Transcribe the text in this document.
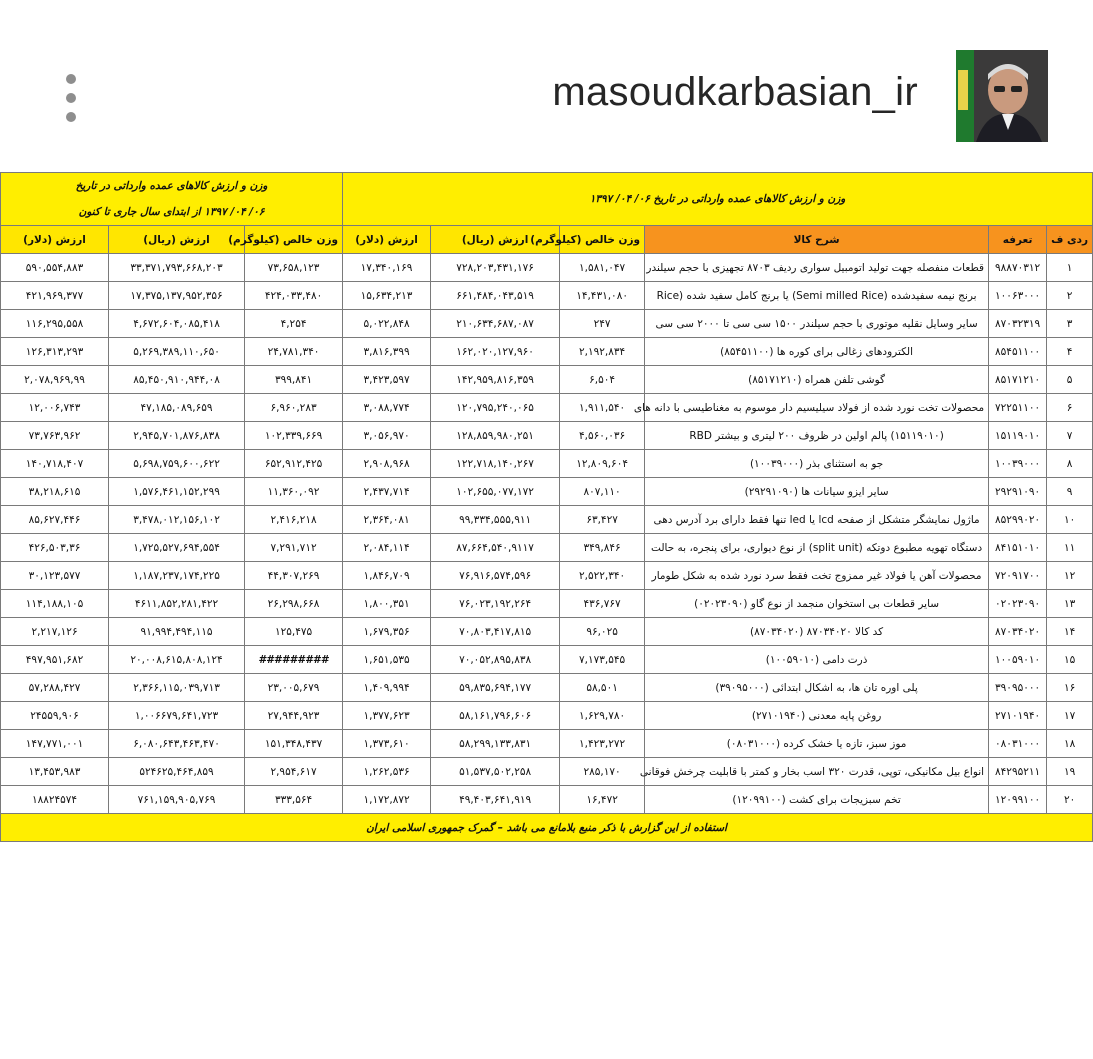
masoudkarbasian_ir
وزن و ارزش کالاهای عمده وارداتی در تاریخ ۰۶/ ۰۴/ ۱۳۹۷						وزن و ارزش کالاهای عمده وارداتی در تاریخ
۰۶/ ۰۴/ ۱۳۹۷ از ابتدای سال جاری تا کنون		

ردی ف	تعرفه	شرح کالا	وزن خالص (کیلوگرم)	ارزش (ریال)	ارزش (دلار)	وزن خالص (کیلوگرم)	ارزش (ریال)	ارزش (دلار)
۱	۹۸۸۷۰۳۱۲	قطعات منفصله جهت تولید اتومبیل سواری ردیف ۸۷۰۳ تجهیزی با حجم سیلندر	۱,۵۸۱,۰۴۷	۷۲۸,۲۰۳,۴۳۱,۱۷۶	۱۷,۳۴۰,۱۶۹	۷۳,۶۵۸,۱۲۳	۳۳,۳۷۱,۷۹۳,۶۶۸,۲۰۳	۵۹۰,۵۵۴,۸۸۳
۲	۱۰۰۶۳۰۰۰	برنج نیمه سفیدشده (Semi milled Rice) یا برنج کامل سفید شده (Rice	۱۴,۴۳۱,۰۸۰	۶۶۱,۴۸۴,۰۴۳,۵۱۹	۱۵,۶۳۴,۲۱۳	۴۲۴,۰۳۳,۴۸۰	۱۷,۳۷۵,۱۳۷,۹۵۲,۳۵۶	۴۲۱,۹۶۹,۳۷۷
۳	۸۷۰۳۲۳۱۹	سایر وسایل نقلیه موتوری با حجم سیلندر ۱۵۰۰ سی سی تا ۲۰۰۰ سی سی	۲۴۷	۲۱۰,۶۳۴,۶۸۷,۰۸۷	۵,۰۲۲,۸۴۸	۴,۲۵۴	۴,۶۷۲,۶۰۴,۰۸۵,۴۱۸	۱۱۶,۲۹۵,۵۵۸
۴	۸۵۴۵۱۱۰۰	الکترودهای زغالی برای کوره ها (۸۵۴۵۱۱۰۰)	۲,۱۹۲,۸۳۴	۱۶۲,۰۲۰,۱۲۷,۹۶۰	۳,۸۱۶,۳۹۹	۲۴,۷۸۱,۳۴۰	۵,۲۶۹,۳۸۹,۱۱۰,۶۵۰	۱۲۶,۳۱۳,۲۹۳
۵	۸۵۱۷۱۲۱۰	گوشی تلفن همراه (۸۵۱۷۱۲۱۰)	۶,۵۰۴	۱۴۲,۹۵۹,۸۱۶,۳۵۹	۳,۴۲۳,۵۹۷	۳۹۹,۸۴۱	۸۵,۴۵۰,۹۱۰,۹۴۴,۰۸	۲,۰۷۸,۹۶۹,۹۹
۶	۷۲۲۵۱۱۰۰	محصولات تخت نورد شده از فولاد سیلیسیم دار موسوم به مغناطیسی با دانه های	۱,۹۱۱,۵۴۰	۱۲۰,۷۹۵,۲۴۰,۰۶۵	۳,۰۸۸,۷۷۴	۶,۹۶۰,۲۸۳	۴۷,۱۸۵,۰۸۹,۶۵۹	۱۲,۰۰۶,۷۴۳
۷	۱۵۱۱۹۰۱۰	(۱۵۱۱۹۰۱۰) پالم اولین در ظروف ۲۰۰ لیتری و بیشتر RBD	۴,۵۶۰,۰۳۶	۱۲۸,۸۵۹,۹۸۰,۲۵۱	۳,۰۵۶,۹۷۰	۱۰۲,۳۳۹,۶۶۹	۲,۹۴۵,۷۰۱,۸۷۶,۸۳۸	۷۳,۷۶۳,۹۶۲
۸	۱۰۰۳۹۰۰۰	جو به استثنای بذر (۱۰۰۳۹۰۰۰)	۱۲,۸۰۹,۶۰۴	۱۲۲,۷۱۸,۱۴۰,۲۶۷	۲,۹۰۸,۹۶۸	۶۵۲,۹۱۲,۴۲۵	۵,۶۹۸,۷۵۹,۶۰۰,۶۲۲	۱۴۰,۷۱۸,۴۰۷
۹	۲۹۲۹۱۰۹۰	سایر ایزو سیانات ها (۲۹۲۹۱۰۹۰)	۸۰۷,۱۱۰	۱۰۲,۶۵۵,۰۷۷,۱۷۲	۲,۴۳۷,۷۱۴	۱۱,۳۶۰,۰۹۲	۱,۵۷۶,۴۶۱,۱۵۲,۲۹۹	۳۸,۲۱۸,۶۱۵
۱۰	۸۵۲۹۹۰۲۰	ماژول نمایشگر متشکل از صفحه lcd یا led تنها فقط دارای برد آدرس دهی	۶۳,۴۲۷	۹۹,۳۳۴,۵۵۵,۹۱۱	۲,۳۶۴,۰۸۱	۲,۴۱۶,۲۱۸	۳,۴۷۸,۰۱۲,۱۵۶,۱۰۲	۸۵,۶۲۷,۴۴۶
۱۱	۸۴۱۵۱۰۱۰	دستگاه تهویه مطبوع دوتکه (split unit) از نوع دیواری، برای پنجره، به حالت	۳۴۹,۸۴۶	۸۷,۶۶۴,۵۴۰,۹۱۱۷	۲,۰۸۴,۱۱۴	۷,۲۹۱,۷۱۲	۱,۷۲۵,۵۲۷,۶۹۴,۵۵۴	۴۲۶,۵۰۳,۳۶
۱۲	۷۲۰۹۱۷۰۰	محصولات آهن یا فولاد غیر ممزوج تخت فقط سرد نورد شده به شکل طومار	۲,۵۲۲,۳۴۰	۷۶,۹۱۶,۵۷۴,۵۹۶	۱,۸۴۶,۷۰۹	۴۴,۳۰۷,۲۶۹	۱,۱۸۷,۲۳۷,۱۷۴,۲۲۵	۳۰,۱۲۳,۵۷۷
۱۳	۰۲۰۲۳۰۹۰	سایر قطعات بی استخوان منجمد از نوع گاو (۰۲۰۲۳۰۹۰)	۴۳۶,۷۶۷	۷۶,۰۲۳,۱۹۲,۲۶۴	۱,۸۰۰,۳۵۱	۲۶,۲۹۸,۶۶۸	۴۶۱۱,۸۵۲,۲۸۱,۴۲۲	۱۱۴,۱۸۸,۱۰۵
۱۴	۸۷۰۳۴۰۲۰	کد کالا ۸۷۰۳۴۰۲۰ (۸۷۰۳۴۰۲۰)	۹۶,۰۲۵	۷۰,۸۰۳,۴۱۷,۸۱۵	۱,۶۷۹,۳۵۶	۱۲۵,۴۷۵	۹۱,۹۹۴,۴۹۴,۱۱۵	۲,۲۱۷,۱۲۶
۱۵	۱۰۰۵۹۰۱۰	ذرت دامی (۱۰۰۵۹۰۱۰)	۷,۱۷۳,۵۴۵	۷۰,۰۵۲,۸۹۵,۸۳۸	۱,۶۵۱,۵۳۵	#########	۲۰,۰۰۸,۶۱۵,۸۰۸,۱۲۴	۴۹۷,۹۵۱,۶۸۲
۱۶	۳۹۰۹۵۰۰۰	پلی اوره تان ها، به اشکال ابتدائی (۳۹۰۹۵۰۰۰)	۵۸,۵۰۱	۵۹,۸۳۵,۶۹۴,۱۷۷	۱,۴۰۹,۹۹۴	۲۳,۰۰۵,۶۷۹	۲,۳۶۶,۱۱۵,۰۳۹,۷۱۳	۵۷,۲۸۸,۴۲۷
۱۷	۲۷۱۰۱۹۴۰	روغن پایه معدنی (۲۷۱۰۱۹۴۰)	۱,۶۲۹,۷۸۰	۵۸,۱۶۱,۷۹۶,۶۰۶	۱,۳۷۷,۶۲۳	۲۷,۹۴۴,۹۲۳	۱,۰۰۶۶۷۹,۶۴۱,۷۲۳	۲۴۵۵۹,۹۰۶
۱۸	۰۸۰۳۱۰۰۰	موز سبز، تازه یا خشک کرده (۰۸۰۳۱۰۰۰)	۱,۴۲۳,۲۷۲	۵۸,۲۹۹,۱۳۳,۸۳۱	۱,۳۷۳,۶۱۰	۱۵۱,۳۴۸,۴۳۷	۶,۰۸۰,۶۴۳,۴۶۳,۴۷۰	۱۴۷,۷۷۱,۰۰۱
۱۹	۸۴۲۹۵۲۱۱	انواع بیل مکانیکی، توپی، قدرت ۳۲۰ اسب بخار و کمتر با قابلیت چرخش فوقانی	۲۸۵,۱۷۰	۵۱,۵۳۷,۵۰۲,۲۵۸	۱,۲۶۲,۵۳۶	۲,۹۵۴,۶۱۷	۵۲۴۶۲۵,۴۶۴,۸۵۹	۱۳,۴۵۳,۹۸۳
۲۰	۱۲۰۹۹۱۰۰	تخم سبزیجات برای کشت (۱۲۰۹۹۱۰۰)	۱۶,۴۷۲	۴۹,۴۰۳,۶۴۱,۹۱۹	۱,۱۷۲,۸۷۲	۳۳۳,۵۶۴	۷۶۱,۱۵۹,۹۰۵,۷۶۹	۱۸۸۲۴۵۷۴
استفاده از این گزارش با ذکر منبع بلامانع می باشد – گمرک جمهوری اسلامی ایران								
